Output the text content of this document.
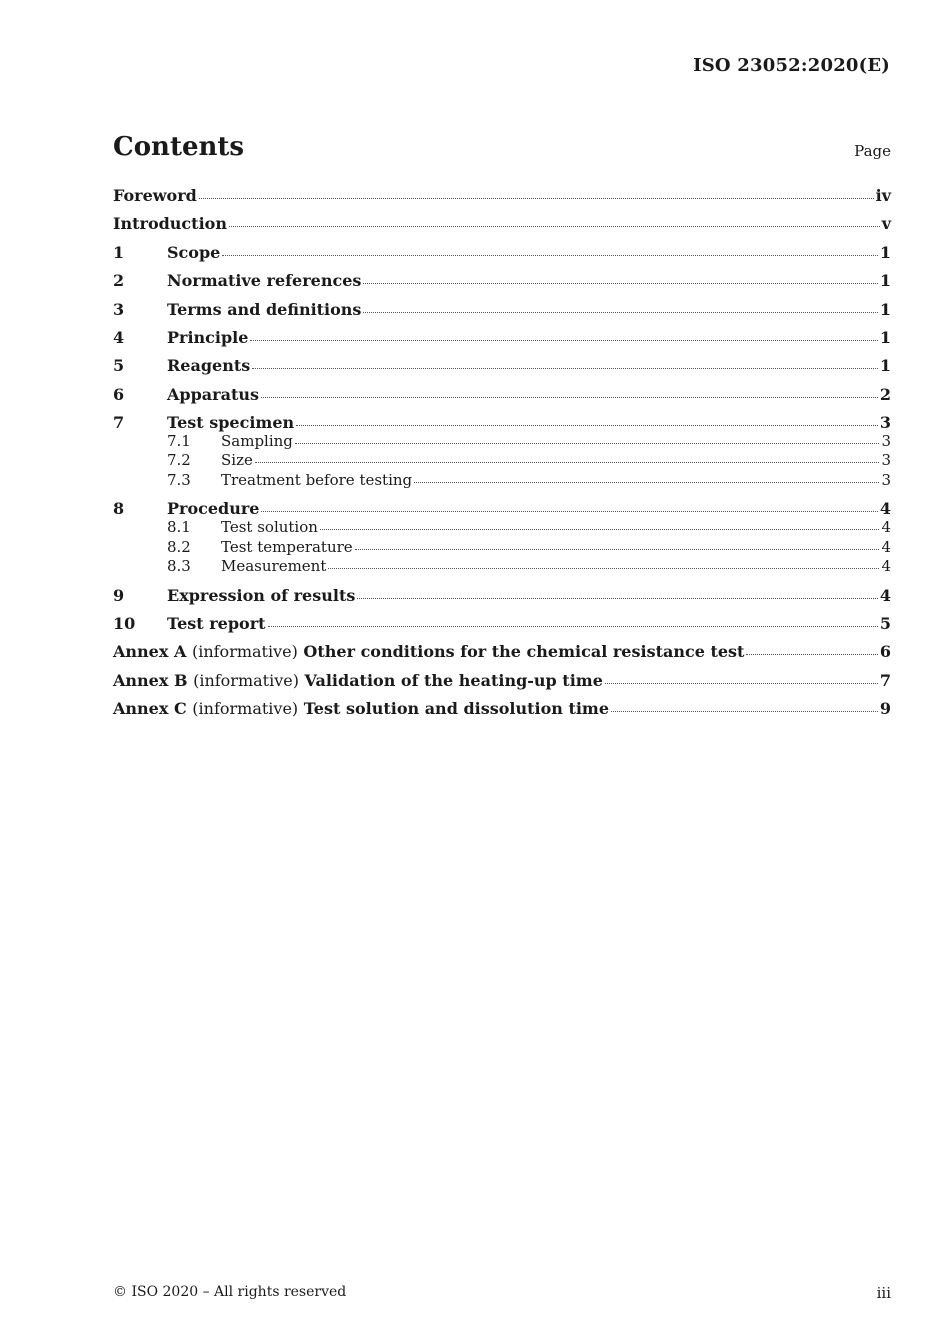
ISO 23052:2020(E)
Contents	Page
Foreword	iv
Introduction	v
1	Scope	1
2	Normative references	1
3	Terms and definitions	1
4	Principle	1
5	Reagents	1
6	Apparatus	2
7	Test specimen	3
7.1	Sampling	3
7.2	Size	3
7.3	Treatment before testing	3
8	Procedure	4
8.1	Test solution	4
8.2	Test temperature	4
8.3	Measurement	4
9	Expression of results	4
10	Test report	5
Annex A (informative) Other conditions for the chemical resistance test	6
Annex B (informative) Validation of the heating-up time	7
Annex C (informative) Test solution and dissolution time	9
© ISO 2020 – All rights reserved	iii
